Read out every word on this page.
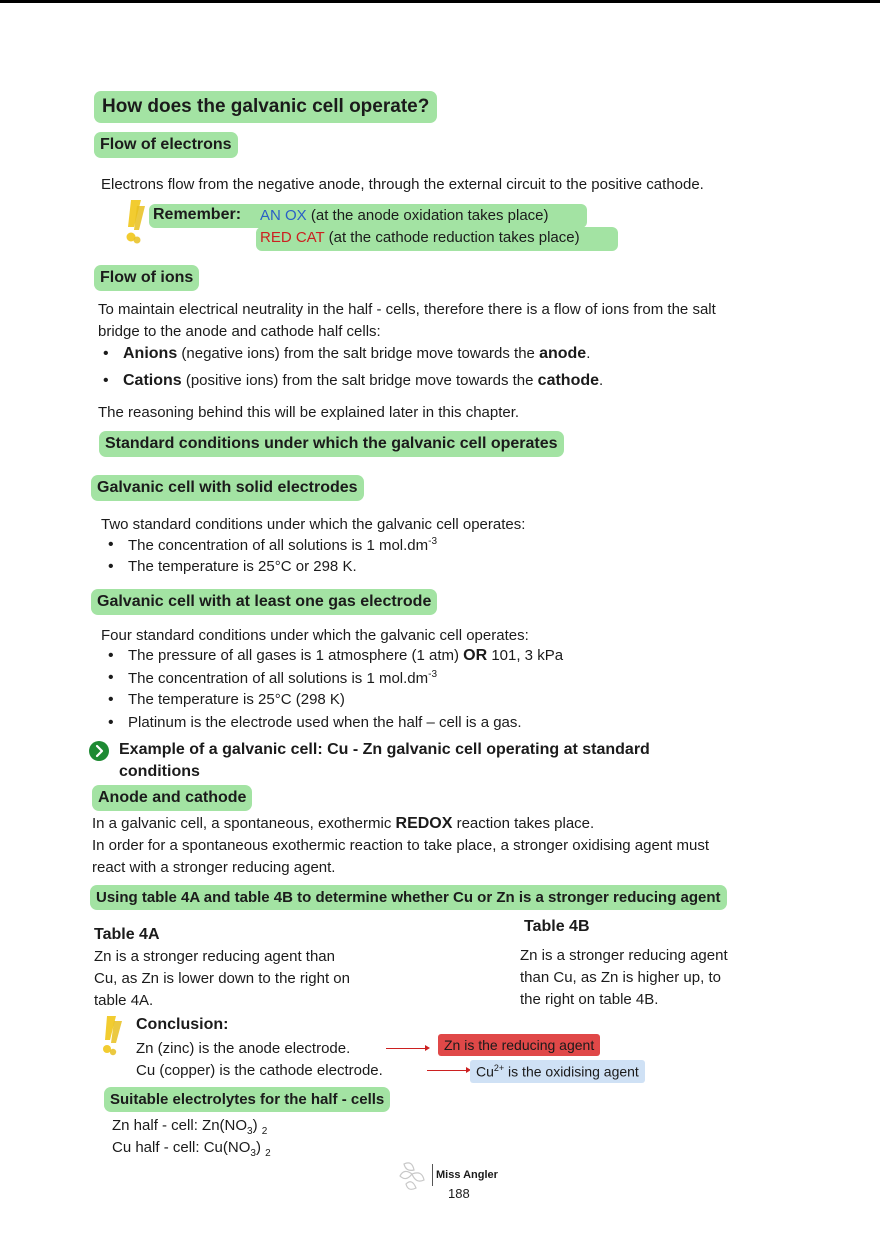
How does the galvanic cell operate?
Flow of electrons
Electrons flow from the negative anode, through the external circuit to the positive cathode.
Remember: AN OX (at the anode oxidation takes place)
RED CAT (at the cathode reduction takes place)
Flow of ions
To maintain electrical neutrality in the half - cells, therefore there is a flow of ions from the salt
bridge to the anode and cathode half cells:
• Anions (negative ions) from the salt bridge move towards the anode.
• Cations (positive ions) from the salt bridge move towards the cathode.
The reasoning behind this will be explained later in this chapter.
Standard conditions under which the galvanic cell operates
Galvanic cell with solid electrodes
Two standard conditions under which the galvanic cell operates:
• The concentration of all solutions is 1 $mol.dm^{-3}$
• The temperature is 25°C or 298 K.
Galvanic cell with at least one gas electrode
Four standard conditions under which the galvanic cell operates:
• The pressure of all gases is 1 atmosphere (1 atm) OR 101, 3 kPa
• The concentration of all solutions is 1 $mol.dm^{-3}$
• The temperature is 25°C (298 K)
• Platinum is the electrode used when the half – cell is a gas.
Example of a galvanic cell: Cu - Zn galvanic cell operating at standard
conditions
Anode and cathode
In a galvanic cell, a spontaneous, exothermic REDOX reaction takes place.
In order for a spontaneous exothermic reaction to take place, a stronger oxidising agent must
react with a stronger reducing agent.
Using table 4A and table 4B to determine whether Cu or Zn is a stronger reducing agent
Table 4A
Zn is a stronger reducing agent than
Cu, as Zn is lower down to the right on
table 4A.
Table 4B
Zn is a stronger reducing agent
than Cu, as Zn is higher up, to
the right on table 4B.
Conclusion:
Zn (zinc) is the anode electrode.
Cu (copper) is the cathode electrode.
Zn is the reducing agent
$Cu^{2+}$ is the oxidising agent
Suitable electrolytes for the half - cells
Zn half - cell: $Zn(NO_3)$ $_2$
Cu half - cell: $Cu(NO_3)$ $_2$
Miss Angler
188
